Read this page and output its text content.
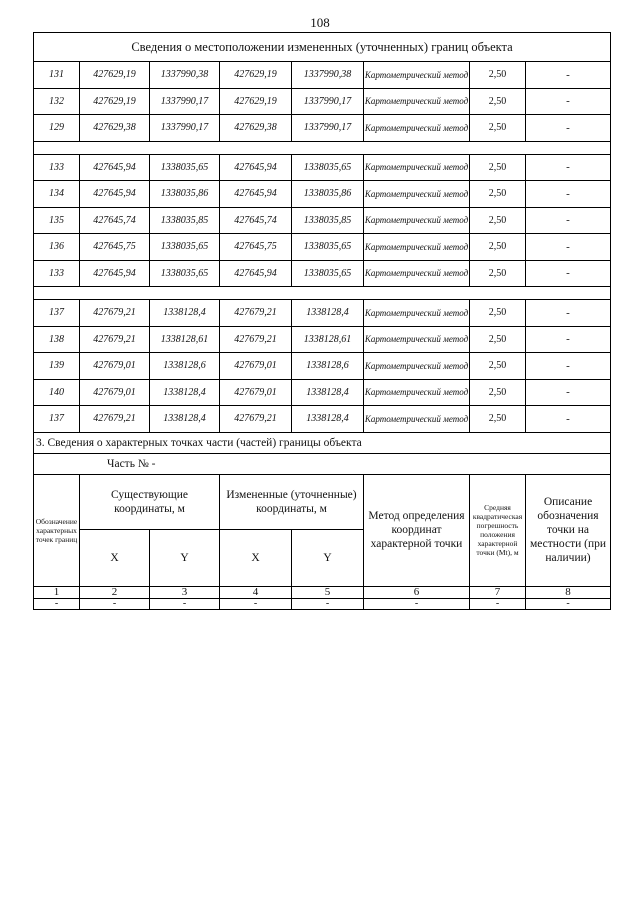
108
Сведения о местоположении измененных (уточненных) границ объекта							
131	427629,19	1337990,38	427629,19	1337990,38	Картометрический метод	2,50	-
132	427629,19	1337990,17	427629,19	1337990,17	Картометрический метод	2,50	-
129	427629,38	1337990,17	427629,38	1337990,17	Картометрический метод	2,50	-

133	427645,94	1338035,65	427645,94	1338035,65	Картометрический метод	2,50	-
134	427645,94	1338035,86	427645,94	1338035,86	Картометрический метод	2,50	-
135	427645,74	1338035,85	427645,74	1338035,85	Картометрический метод	2,50	-
136	427645,75	1338035,65	427645,75	1338035,65	Картометрический метод	2,50	-
133	427645,94	1338035,65	427645,94	1338035,65	Картометрический метод	2,50	-

137	427679,21	1338128,4	427679,21	1338128,4	Картометрический метод	2,50	-
138	427679,21	1338128,61	427679,21	1338128,61	Картометрический метод	2,50	-
139	427679,01	1338128,6	427679,01	1338128,6	Картометрический метод	2,50	-
140	427679,01	1338128,4	427679,01	1338128,4	Картометрический метод	2,50	-
137	427679,21	1338128,4	427679,21	1338128,4	Картометрический метод	2,50	-
3. Сведения о характерных точках части (частей) границы объекта							
Часть № -							
Обозначение характерных точек границ	Существующие координаты, м		Измененные (уточненные) координаты, м		Метод определения координат характерной точки	Средняя квадратическая погрешность положения характерной точки (Мt), м	Описание обозначения точки на местности (при наличии)
	X	Y	X	Y			
1	2	3	4	5	6	7	8
-	-	-	-	-	-	-	-
